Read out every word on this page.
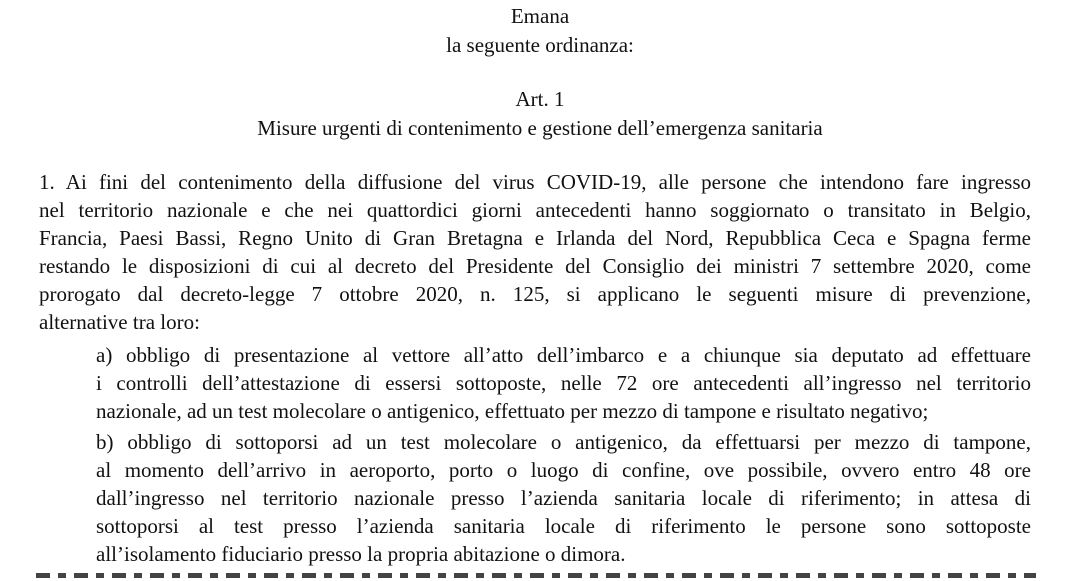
Emana
la seguente ordinanza:
Art. 1
Misure urgenti di contenimento e gestione dell’emergenza sanitaria
1. Ai fini del contenimento della diffusione del virus COVID-19, alle persone che intendono fare ingresso
nel territorio nazionale e che nei quattordici giorni antecedenti hanno soggiornato o transitato in Belgio,
Francia, Paesi Bassi, Regno Unito di Gran Bretagna e Irlanda del Nord, Repubblica Ceca e Spagna ferme
restando le disposizioni di cui al decreto del Presidente del Consiglio dei ministri 7 settembre 2020, come
prorogato dal decreto-legge 7 ottobre 2020, n. 125, si applicano le seguenti misure di prevenzione,
alternative tra loro:
a) obbligo di presentazione al vettore all’atto dell’imbarco e a chiunque sia deputato ad effettuare
i controlli dell’attestazione di essersi sottoposte, nelle 72 ore antecedenti all’ingresso nel territorio
nazionale, ad un test molecolare o antigenico, effettuato per mezzo di tampone e risultato negativo;
b) obbligo di sottoporsi ad un test molecolare o antigenico, da effettuarsi per mezzo di tampone,
al momento dell’arrivo in aeroporto, porto o luogo di confine, ove possibile, ovvero entro 48 ore
dall’ingresso nel territorio nazionale presso l’azienda sanitaria locale di riferimento; in attesa di
sottoporsi al test presso l’azienda sanitaria locale di riferimento le persone sono sottoposte
all’isolamento fiduciario presso la propria abitazione o dimora.
